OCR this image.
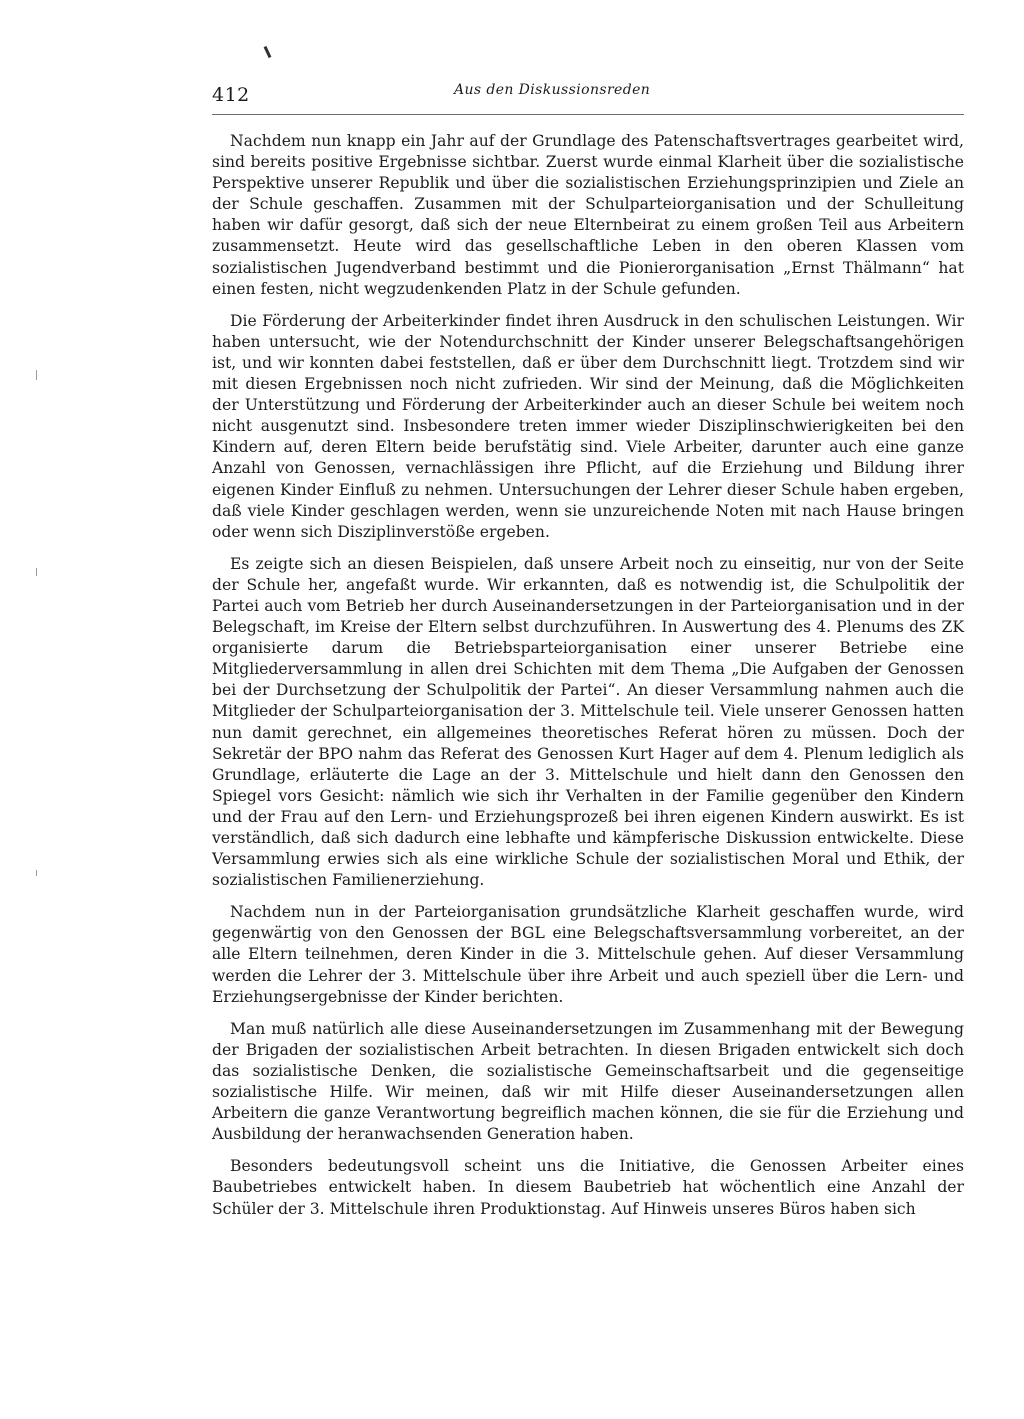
412	Aus den Diskussionsreden

Nachdem nun knapp ein Jahr auf der Grundlage des Patenschaftsvertrages gearbeitet wird, sind bereits positive Ergebnisse sichtbar. Zuerst wurde einmal Klarheit über die sozialistische Perspektive unserer Republik und über die sozialistischen Erziehungsprinzipien und Ziele an der Schule geschaffen. Zusammen mit der Schulparteiorganisation und der Schulleitung haben wir dafür gesorgt, daß sich der neue Elternbeirat zu einem großen Teil aus Arbeitern zusammensetzt. Heute wird das gesellschaftliche Leben in den oberen Klassen vom sozialistischen Jugendverband bestimmt und die Pionierorganisation „Ernst Thälmann“ hat einen festen, nicht wegzudenkenden Platz in der Schule gefunden.

Die Förderung der Arbeiterkinder findet ihren Ausdruck in den schulischen Leistungen. Wir haben untersucht, wie der Notendurchschnitt der Kinder unserer Belegschaftsangehörigen ist, und wir konnten dabei feststellen, daß er über dem Durchschnitt liegt. Trotzdem sind wir mit diesen Ergebnissen noch nicht zufrieden. Wir sind der Meinung, daß die Möglichkeiten der Unterstützung und Förderung der Arbeiterkinder auch an dieser Schule bei weitem noch nicht ausgenutzt sind. Insbesondere treten immer wieder Disziplinschwierigkeiten bei den Kindern auf, deren Eltern beide berufstätig sind. Viele Arbeiter, darunter auch eine ganze Anzahl von Genossen, vernachlässigen ihre Pflicht, auf die Erziehung und Bildung ihrer eigenen Kinder Einfluß zu nehmen. Untersuchungen der Lehrer dieser Schule haben ergeben, daß viele Kinder geschlagen werden, wenn sie unzureichende Noten mit nach Hause bringen oder wenn sich Disziplinverstöße ergeben.

Es zeigte sich an diesen Beispielen, daß unsere Arbeit noch zu einseitig, nur von der Seite der Schule her, angefaßt wurde. Wir erkannten, daß es notwendig ist, die Schulpolitik der Partei auch vom Betrieb her durch Auseinandersetzungen in der Parteiorganisation und in der Belegschaft, im Kreise der Eltern selbst durchzuführen. In Auswertung des 4. Plenums des ZK organisierte darum die Betriebsparteiorganisation einer unserer Betriebe eine Mitgliederversammlung in allen drei Schichten mit dem Thema „Die Aufgaben der Genossen bei der Durchsetzung der Schulpolitik der Partei“. An dieser Versammlung nahmen auch die Mitglieder der Schulparteiorganisation der 3. Mittelschule teil. Viele unserer Genossen hatten nun damit gerechnet, ein allgemeines theoretisches Referat hören zu müssen. Doch der Sekretär der BPO nahm das Referat des Genossen Kurt Hager auf dem 4. Plenum lediglich als Grundlage, erläuterte die Lage an der 3. Mittelschule und hielt dann den Genossen den Spiegel vors Gesicht: nämlich wie sich ihr Verhalten in der Familie gegenüber den Kindern und der Frau auf den Lern- und Erziehungsprozeß bei ihren eigenen Kindern auswirkt. Es ist verständlich, daß sich dadurch eine lebhafte und kämpferische Diskussion entwickelte. Diese Versammlung erwies sich als eine wirkliche Schule der sozialistischen Moral und Ethik, der sozialistischen Familienerziehung.

Nachdem nun in der Parteiorganisation grundsätzliche Klarheit geschaffen wurde, wird gegenwärtig von den Genossen der BGL eine Belegschaftsversammlung vorbereitet, an der alle Eltern teilnehmen, deren Kinder in die 3. Mittelschule gehen. Auf dieser Versammlung werden die Lehrer der 3. Mittelschule über ihre Arbeit und auch speziell über die Lern- und Erziehungsergebnisse der Kinder berichten.

Man muß natürlich alle diese Auseinandersetzungen im Zusammenhang mit der Bewegung der Brigaden der sozialistischen Arbeit betrachten. In diesen Brigaden entwickelt sich doch das sozialistische Denken, die sozialistische Gemeinschaftsarbeit und die gegenseitige sozialistische Hilfe. Wir meinen, daß wir mit Hilfe dieser Auseinandersetzungen allen Arbeitern die ganze Verantwortung begreiflich machen können, die sie für die Erziehung und Ausbildung der heranwachsenden Generation haben.

Besonders bedeutungsvoll scheint uns die Initiative, die Genossen Arbeiter eines Baubetriebes entwickelt haben. In diesem Baubetrieb hat wöchentlich eine Anzahl der Schüler der 3. Mittelschule ihren Produktionstag. Auf Hinweis unseres Büros haben sich
